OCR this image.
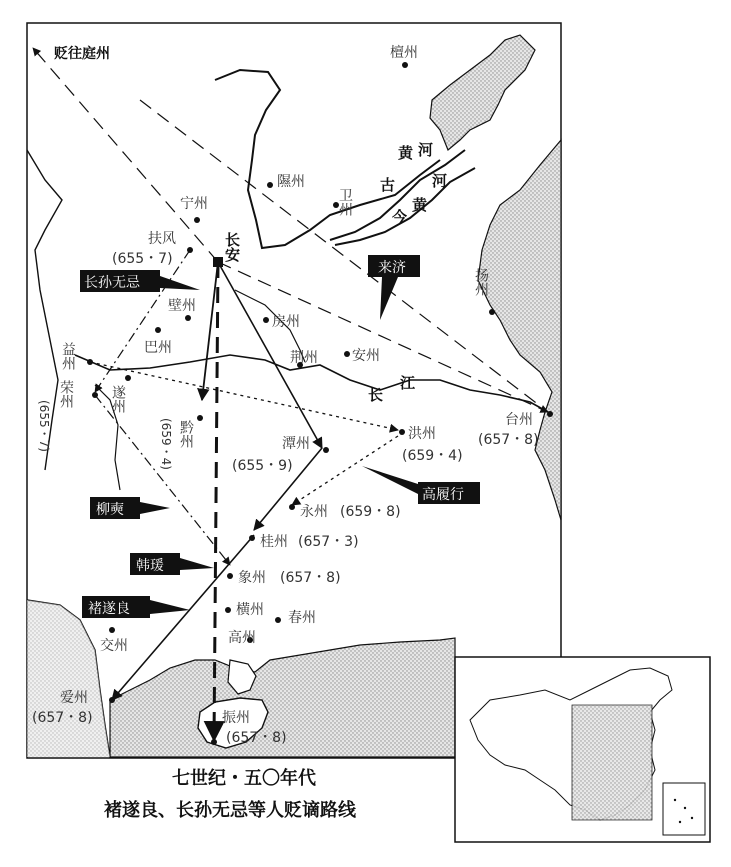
贬往庭州	檀州
隰州
卫州
宁州
扶风
(655・7)	长安
壁州
巴州
房州
荆州 安州
益州
荣州
(655・7)
遂州
黔州
(659・4)	潭州
(655・9)
洪州
(659・4)
扬州
台州
(657・8)
永州 (659・8)
桂州 (657・3)
象州 (657・8)
横州
高州
春州
交州
爱州
(657・8)	振州
(657・8)
黄 河
古 河
黄
今
长
江
长孙无忌
来济
高履行
柳奭
韩瑗
褚遂良
七世纪・五〇年代
褚遂良、长孙无忌等人贬谪路线
